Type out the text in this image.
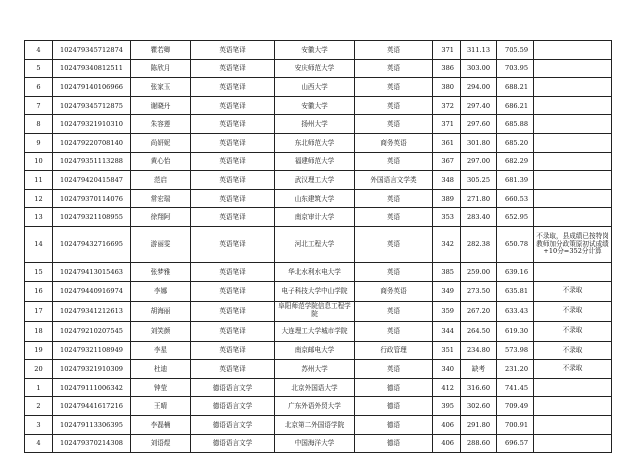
4	102479345712874	瞿若卿	英语笔译	安徽大学	英语	371	311.13	705.59	
5	102479340812511	陈欣月	英语笔译	安庆师范大学	英语	386	303.00	703.95	
6	102479140106966	张家玉	英语笔译	山西大学	英语	380	294.00	688.21	
7	102479345712875	谢晓丹	英语笔译	安徽大学	英语	372	297.40	686.21	
8	102479321910310	朱容莲	英语笔译	扬州大学	英语	371	297.60	685.88	
9	102479220708140	尚妍妮	英语笔译	东北师范大学	商务英语	361	301.80	685.20	
10	102479351113288	黄心怡	英语笔译	福建师范大学	英语	367	297.00	682.29	
11	102479420415847	范启	英语笔译	武汉理工大学	外国语言文学类	348	305.25	681.39	
12	102479370114076	常宏瑞	英语笔译	山东建筑大学	英语	389	271.80	660.53	
13	102479321108955	徐翔阿	英语笔译	南京审计大学	英语	353	283.40	652.95	
14	102479432716695	游丽雯	英语笔译	河北工程大学	英语	342	282.38	650.78	不录取，县成绩已按特岗教师加分政策原初试成绩+10分=352分计算
15	102479413015463	张梦雅	英语笔译	华北水利水电大学	英语	385	259.00	639.16	
16	102479440916974	李娜	英语笔译	电子科技大学中山学院	商务英语	349	273.50	635.81	不录取
17	102479341212613	胡海丽	英语笔译	阜阳师范学院信息工程学院	英语	359	267.20	633.43	不录取
18	102479210207545	刘笑颜	英语笔译	大连理工大学城市学院	英语	344	264.50	619.30	不录取
19	102479321108949	李星	英语笔译	南京邮电大学	行政管理	351	234.80	573.98	不录取
20	102479321910309	杜迪	英语笔译	苏州大学	英语	340	缺考	231.20	不录取
1	102479111006342	钟莹	德语语言文学	北京外国语大学	德语	412	316.60	741.45	
2	102479441617216	王晴	德语语言文学	广东外语外贸大学	德语	395	302.60	709.49	
3	102479113306395	李磊楠	德语语言文学	北京第二外国语学院	德语	406	291.80	700.91	
4	102479370214308	刘语煜	德语语言文学	中国海洋大学	德语	406	288.60	696.57	
